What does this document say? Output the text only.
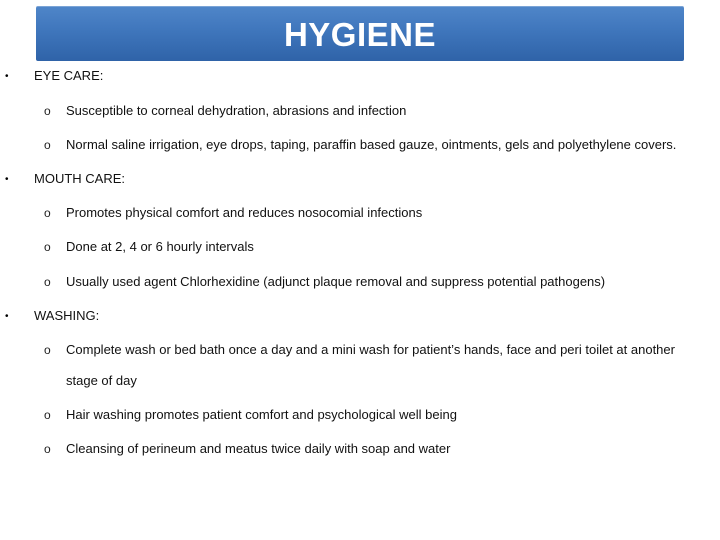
HYGIENE
• EYE CARE:
o Susceptible to corneal dehydration, abrasions and infection
o Normal saline irrigation, eye drops, taping, paraffin based gauze, ointments, gels and polyethylene covers.
• MOUTH CARE:
o Promotes physical comfort and reduces nosocomial infections
o Done at 2, 4 or 6 hourly intervals
o Usually used agent Chlorhexidine (adjunct plaque removal and suppress potential pathogens)
• WASHING:
o Complete wash or bed bath once a day and a mini wash for patient’s hands, face and peri toilet at another
stage of day
o Hair washing promotes patient comfort and psychological well being
o Cleansing of perineum and meatus twice daily with soap and water
